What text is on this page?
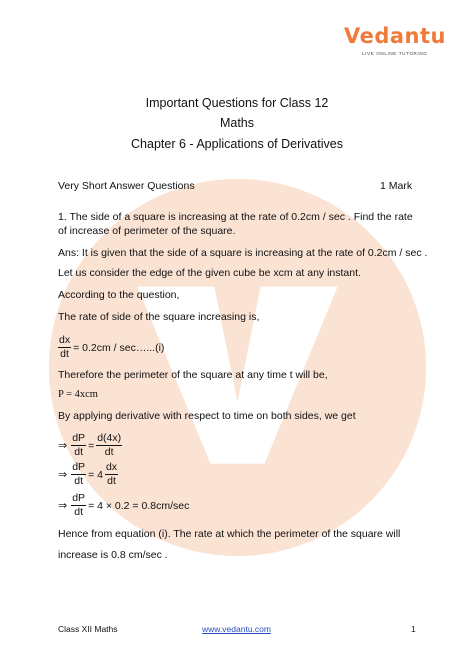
Vedantu
LIVE ONLINE TUTORING
Important Questions for Class 12
Maths
Chapter 6 - Applications of Derivatives
Very Short Answer Questions	1 Mark
1. The side of a square is increasing at the rate of 0.2cm / sec . Find the rate
of increase of perimeter of the square.
Ans: It is given that the side of a square is increasing at the rate of 0.2cm / sec .
Let us consider the edge of the given cube be xcm at any instant.
According to the question,
The rate of side of the square increasing is,
$\frac{dx}{dt} = 0.2cm$ / sec…...(i)
Therefore the perimeter of the square at any time t will be,
P = 4xcm
By applying derivative with respect to time on both sides, we get
⇒ $\frac{dP}{dt} = \frac{d(4x)}{dt}$
⇒ $\frac{dP}{dt} = 4 \frac{dx}{dt}$
⇒ $\frac{dP}{dt} = 4 \times 0.2 = 0.8cm/\sec$
Hence from equation (i). The rate at which the perimeter of the square will
increase is 0.8 cm/sec .
Class XII Maths	www.vedantu.com	1
